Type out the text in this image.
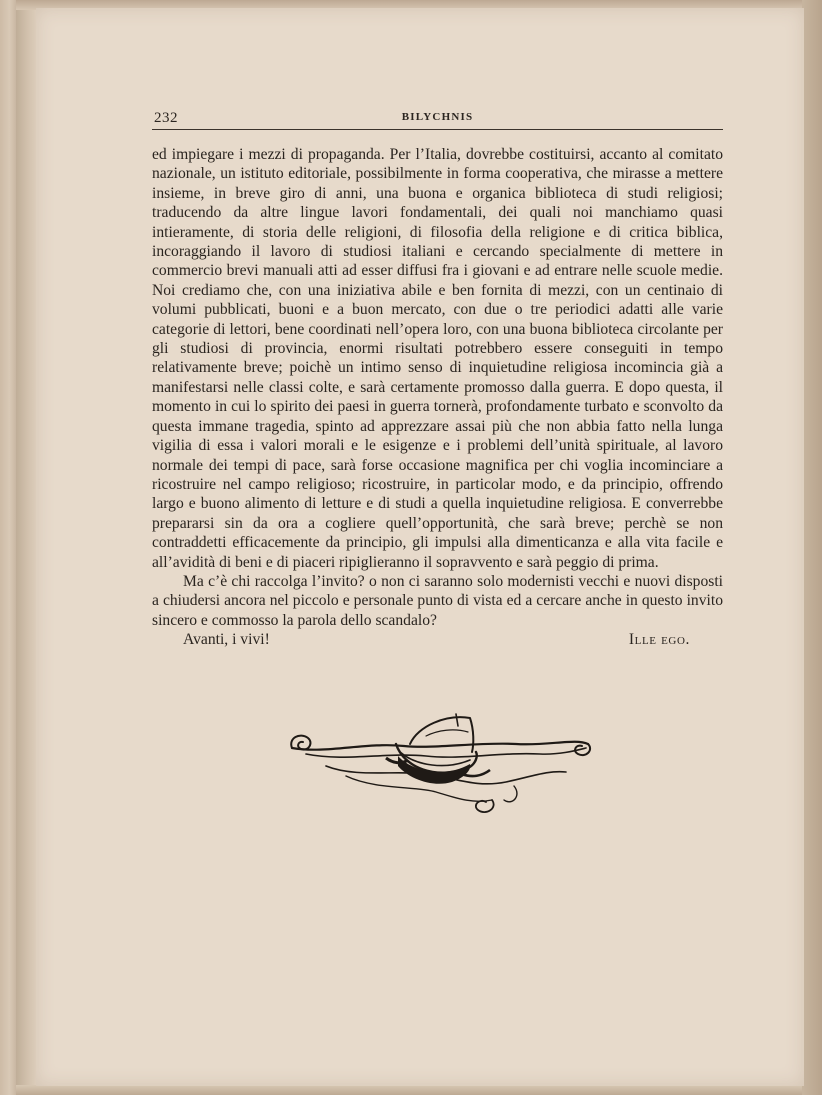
232	BILYCHNIS

ed impiegare i mezzi di propaganda. Per l’Italia, dovrebbe costituirsi, accanto al comitato nazionale, un istituto editoriale, possibilmente in forma cooperativa, che mirasse a mettere insieme, in breve giro di anni, una buona e organica biblioteca di studi religiosi; traducendo da altre lingue lavori fondamentali, dei quali noi manchiamo quasi intieramente, di storia delle religioni, di filosofia della religione e di critica biblica, incoraggiando il lavoro di studiosi italiani e cercando specialmente di mettere in commercio brevi manuali atti ad esser diffusi fra i giovani e ad entrare nelle scuole medie. Noi crediamo che, con una iniziativa abile e ben fornita di mezzi, con un centinaio di volumi pubblicati, buoni e a buon mercato, con due o tre periodici adatti alle varie categorie di lettori, bene coordinati nell’opera loro, con una buona biblioteca circolante per gli studiosi di provincia, enormi risultati potrebbero essere conseguiti in tempo relativamente breve; poichè un intimo senso di inquietudine religiosa incomincia già a manifestarsi nelle classi colte, e sarà certamente promosso dalla guerra. E dopo questa, il momento in cui lo spirito dei paesi in guerra tornerà, profondamente turbato e sconvolto da questa immane tragedia, spinto ad apprezzare assai più che non abbia fatto nella lunga vigilia di essa i valori morali e le esigenze e i problemi dell’unità spirituale, al lavoro normale dei tempi di pace, sarà forse occasione magnifica per chi voglia incominciare a ricostruire nel campo religioso; ricostruire, in particolar modo, e da principio, offrendo largo e buono alimento di letture e di studi a quella inquietudine religiosa. E converrebbe prepararsi sin da ora a cogliere quell’opportunità, che sarà breve; perchè se non contraddetti efficacemente da principio, gli impulsi alla dimenticanza e alla vita facile e all’avidità di beni e di piaceri ripiglieranno il sopravvento e sarà peggio di prima.

Ma c’è chi raccolga l’invito? o non ci saranno solo modernisti vecchi e nuovi disposti a chiudersi ancora nel piccolo e personale punto di vista ed a cercare anche in questo invito sincero e commosso la parola dello scandalo?

Avanti, i vivi!	Ille ego.
